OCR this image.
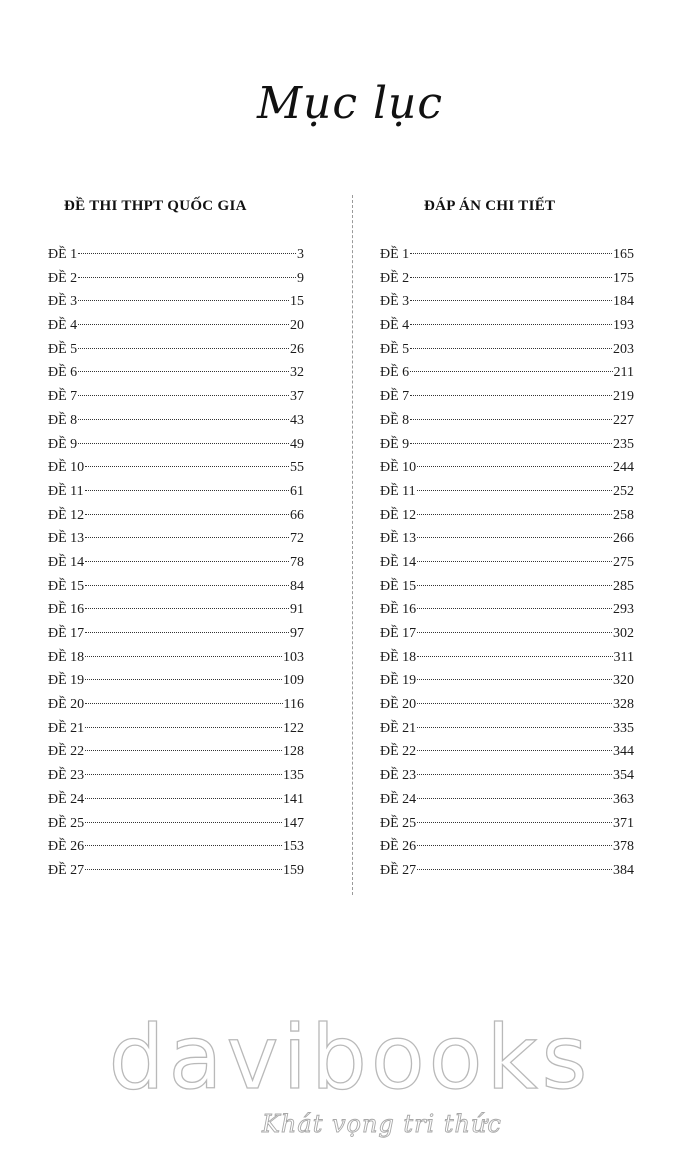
Mục lục
ĐỀ THI THPT QUỐC GIA	ĐÁP ÁN CHI TIẾT
ĐỀ 1	3
ĐỀ 2	9
ĐỀ 3	15
ĐỀ 4	20
ĐỀ 5	26
ĐỀ 6	32
ĐỀ 7	37
ĐỀ 8	43
ĐỀ 9	49
ĐỀ 10	55
ĐỀ 11	61
ĐỀ 12	66
ĐỀ 13	72
ĐỀ 14	78
ĐỀ 15	84
ĐỀ 16	91
ĐỀ 17	97
ĐỀ 18	103
ĐỀ 19	109
ĐỀ 20	116
ĐỀ 21	122
ĐỀ 22	128
ĐỀ 23	135
ĐỀ 24	141
ĐỀ 25	147
ĐỀ 26	153
ĐỀ 27	159
ĐỀ 1	165
ĐỀ 2	175
ĐỀ 3	184
ĐỀ 4	193
ĐỀ 5	203
ĐỀ 6	211
ĐỀ 7	219
ĐỀ 8	227
ĐỀ 9	235
ĐỀ 10	244
ĐỀ 11	252
ĐỀ 12	258
ĐỀ 13	266
ĐỀ 14	275
ĐỀ 15	285
ĐỀ 16	293
ĐỀ 17	302
ĐỀ 18	311
ĐỀ 19	320
ĐỀ 20	328
ĐỀ 21	335
ĐỀ 22	344
ĐỀ 23	354
ĐỀ 24	363
ĐỀ 25	371
ĐỀ 26	378
ĐỀ 27	384
davibooks
Khát vọng tri thức
